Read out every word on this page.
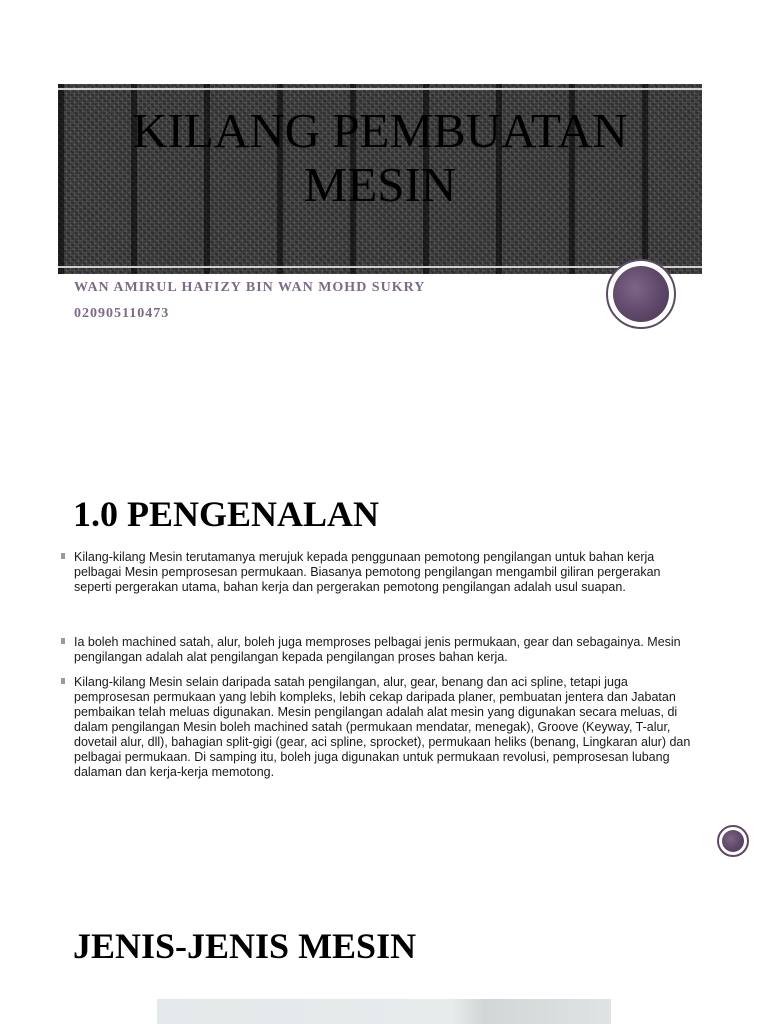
KILANG PEMBUATAN MESIN
WAN AMIRUL HAFIZY BIN WAN MOHD SUKRY
020905110473
1.0 PENGENALAN
Kilang-kilang Mesin terutamanya merujuk kepada penggunaan pemotong pengilangan untuk bahan kerja pelbagai Mesin pemprosesan permukaan. Biasanya pemotong pengilangan mengambil giliran pergerakan seperti pergerakan utama, bahan kerja dan pergerakan pemotong pengilangan adalah usul suapan.
Ia boleh machined satah, alur, boleh juga memproses pelbagai jenis permukaan, gear dan sebagainya. Mesin pengilangan adalah alat pengilangan kepada pengilangan proses bahan kerja.
Kilang-kilang Mesin selain daripada satah pengilangan, alur, gear, benang dan aci spline, tetapi juga pemprosesan permukaan yang lebih kompleks, lebih cekap daripada planer, pembuatan jentera dan Jabatan pembaikan telah meluas digunakan. Mesin pengilangan adalah alat mesin yang digunakan secara meluas, di dalam pengilangan Mesin boleh machined satah (permukaan mendatar, menegak), Groove (Keyway, T-alur, dovetail alur, dll), bahagian split-gigi (gear, aci spline, sprocket), permukaan heliks (benang, Lingkaran alur) dan pelbagai permukaan. Di samping itu, boleh juga digunakan untuk permukaan revolusi, pemprosesan lubang dalaman dan kerja-kerja memotong.
JENIS-JENIS MESIN
